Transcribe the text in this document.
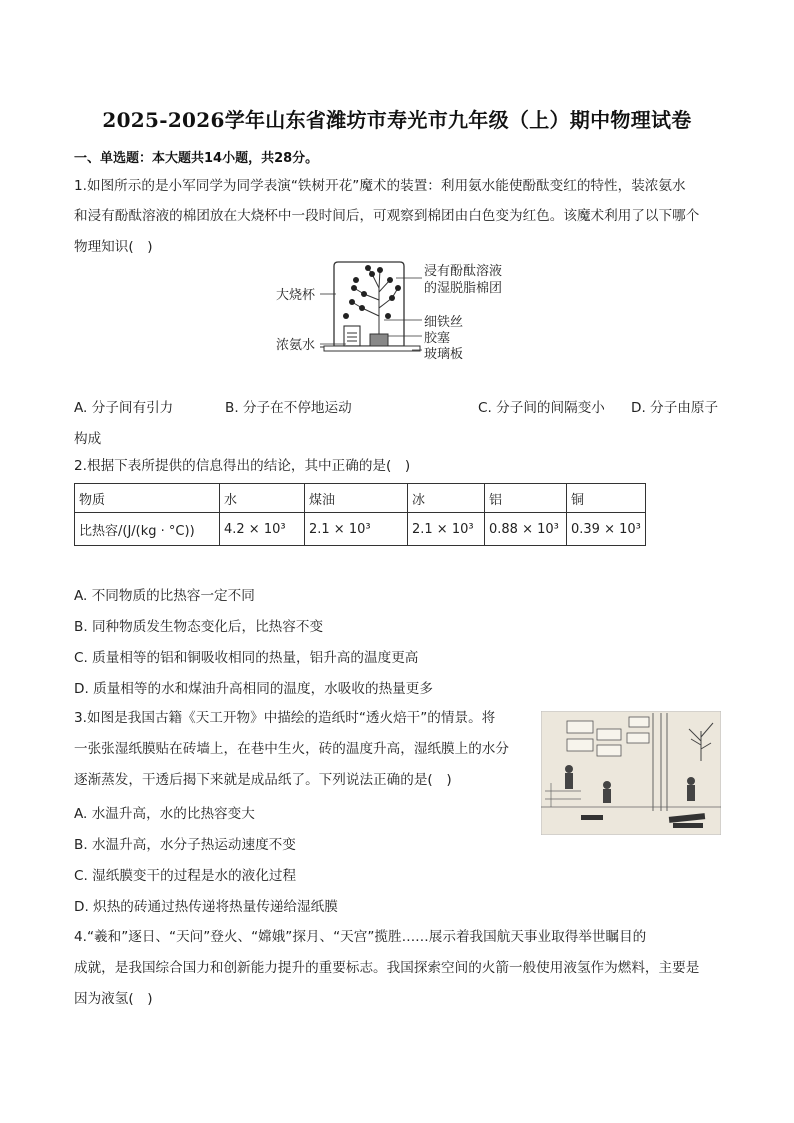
2025-2026学年山东省潍坊市寿光市九年级（上）期中物理试卷
一、单选题：本大题共14小题，共28分。
1.如图所示的是小军同学为同学表演“铁树开花”魔术的装置：利用氨水能使酚酞变红的特性，装浓氨水
和浸有酚酞溶液的棉团放在大烧杯中一段时间后，可观察到棉团由白色变为红色。该魔术利用了以下哪个
物理知识(　)
大烧杯
浓氨水
浸有酚酞溶液
的湿脱脂棉团
细铁丝
胶塞
玻璃板
A. 分子间有引力	B. 分子在不停地运动	C. 分子间的间隔变小 D. 分子由原子
构成
2.根据下表所提供的信息得出的结论，其中正确的是(　)
物质	水	煤油	冰	铝	铜
比热容/(J/(kg · °C))	4.2 × 10³	2.1 × 10³	2.1 × 10³	0.88 × 10³	0.39 × 10³
A. 不同物质的比热容一定不同
B. 同种物质发生物态变化后，比热容不变
C. 质量相等的铝和铜吸收相同的热量，铝升高的温度更高
D. 质量相等的水和煤油升高相同的温度，水吸收的热量更多
3.如图是我国古籍《天工开物》中描绘的造纸时“透火焙干”的情景。将
一张张湿纸膜贴在砖墙上，在巷中生火，砖的温度升高，湿纸膜上的水分
逐渐蒸发，干透后揭下来就是成品纸了。下列说法正确的是(　)
A. 水温升高，水的比热容变大
B. 水温升高，水分子热运动速度不变
C. 湿纸膜变干的过程是水的液化过程
D. 炽热的砖通过热传递将热量传递给湿纸膜
4.“羲和”逐日、“天问”登火、“嫦娥”探月、“天宫”揽胜……展示着我国航天事业取得举世瞩目的
成就，是我国综合国力和创新能力提升的重要标志。我国探索空间的火箭一般使用液氢作为燃料，主要是
因为液氢(　)
